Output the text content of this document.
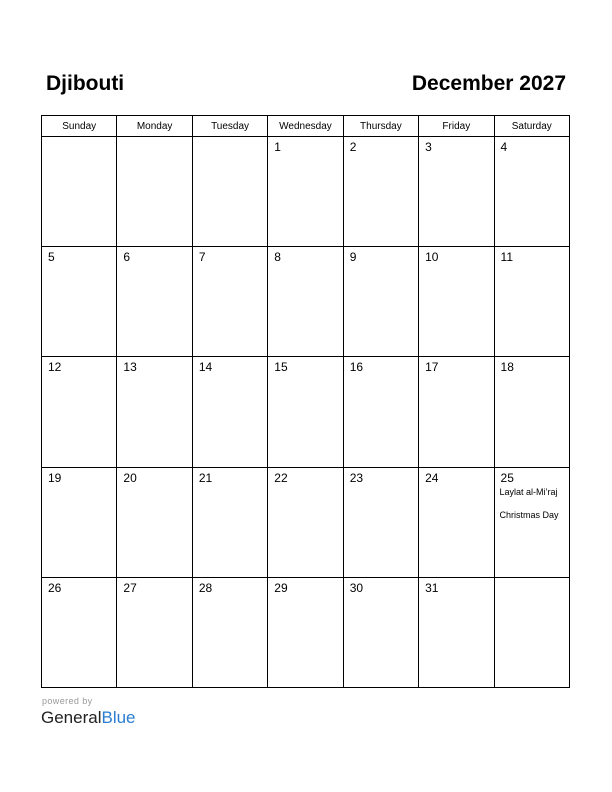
Djibouti	December 2027
Sunday	Monday	Tuesday	Wednesday	Thursday	Friday	Saturday

			1	2	3	4

5	6	7	8	9	10	11

12	13	14	15	16	17	18

19	20	21	22	23	24	25
Laylat al-Mi’raj
Christmas Day

26	27	28	29	30	31	

powered by
GeneralBlue
